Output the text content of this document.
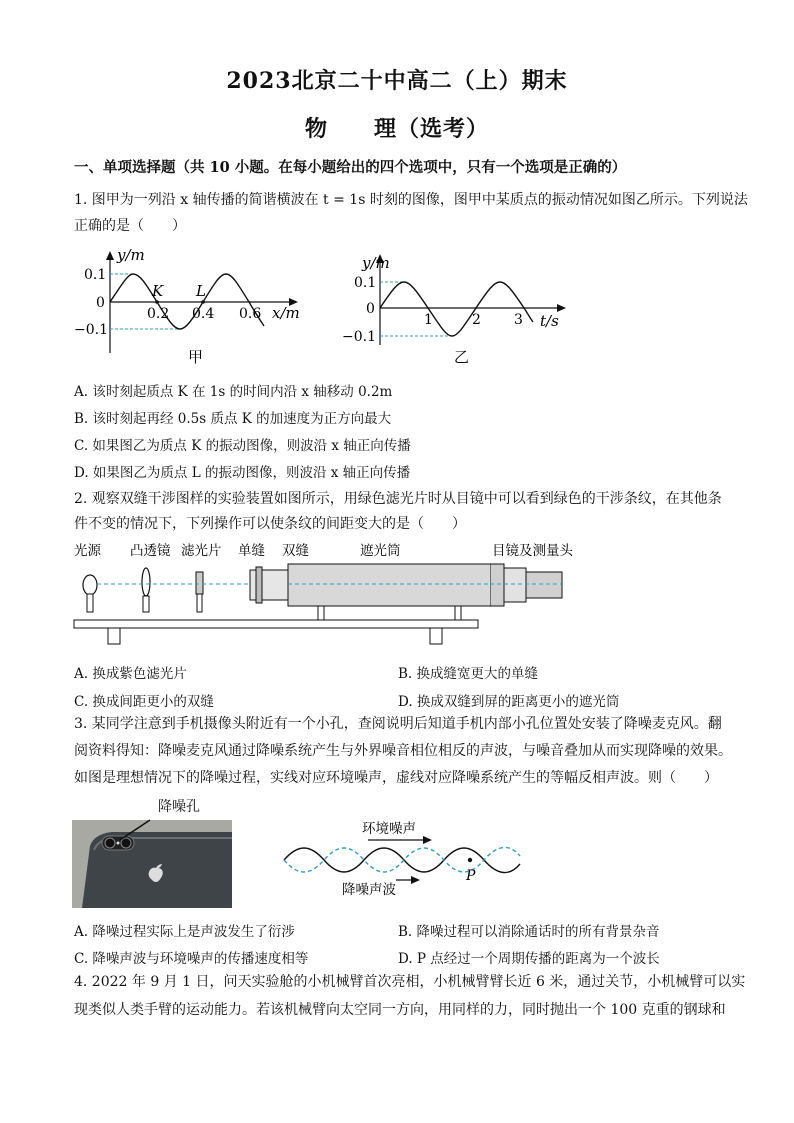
2023北京二十中高二（上）期末
物　　理（选考）
一、单项选择题（共 10 小题。在每小题给出的四个选项中，只有一个选项是正确的）
1. 图甲为一列沿 x 轴传播的简谐横波在 t = 1s 时刻的图像，图甲中某质点的振动情况如图乙所示。下列说法
正确的是（　　）
y/m
0.1
0
−0.1
0.2 0.4 0.6
K L
x/m
甲
y/m
0.1
0
−0.1
1	2 3 t/s
乙
A. 该时刻起质点 K 在 1s 的时间内沿 x 轴移动 0.2m
B. 该时刻起再经 0.5s 质点 K 的加速度为正方向最大
C. 如果图乙为质点 K 的振动图像，则波沿 x 轴正向传播
D. 如果图乙为质点 L 的振动图像，则波沿 x 轴正向传播
2. 观察双缝干涉图样的实验装置如图所示，用绿色滤光片时从目镜中可以看到绿色的干涉条纹，在其他条
件不变的情况下，下列操作可以使条纹的间距变大的是（　　）
光源 凸透镜 滤光片 单缝 双缝	遮光筒	目镜及测量头
A. 换成紫色滤光片	B. 换成缝宽更大的单缝
C. 换成间距更小的双缝	D. 换成双缝到屏的距离更小的遮光筒
3. 某同学注意到手机摄像头附近有一个小孔，查阅说明后知道手机内部小孔位置处安装了降噪麦克风。翻
阅资料得知：降噪麦克风通过降噪系统产生与外界噪音相位相反的声波，与噪音叠加从而实现降噪的效果。
如图是理想情况下的降噪过程，实线对应环境噪声，虚线对应降噪系统产生的等幅反相声波。则（　　）
降噪孔
环境噪声
P
降噪声波
A. 降噪过程实际上是声波发生了衍涉	B. 降噪过程可以消除通话时的所有背景杂音
C. 降噪声波与环境噪声的传播速度相等	D. P 点经过一个周期传播的距离为一个波长
4. 2022 年 9 月 1 日，问天实验舱的小机械臂首次亮相，小机械臂臂长近 6 米，通过关节，小机械臂可以实
现类似人类手臂的运动能力。若该机械臂向太空同一方向，用同样的力，同时抛出一个 100 克重的钢球和
